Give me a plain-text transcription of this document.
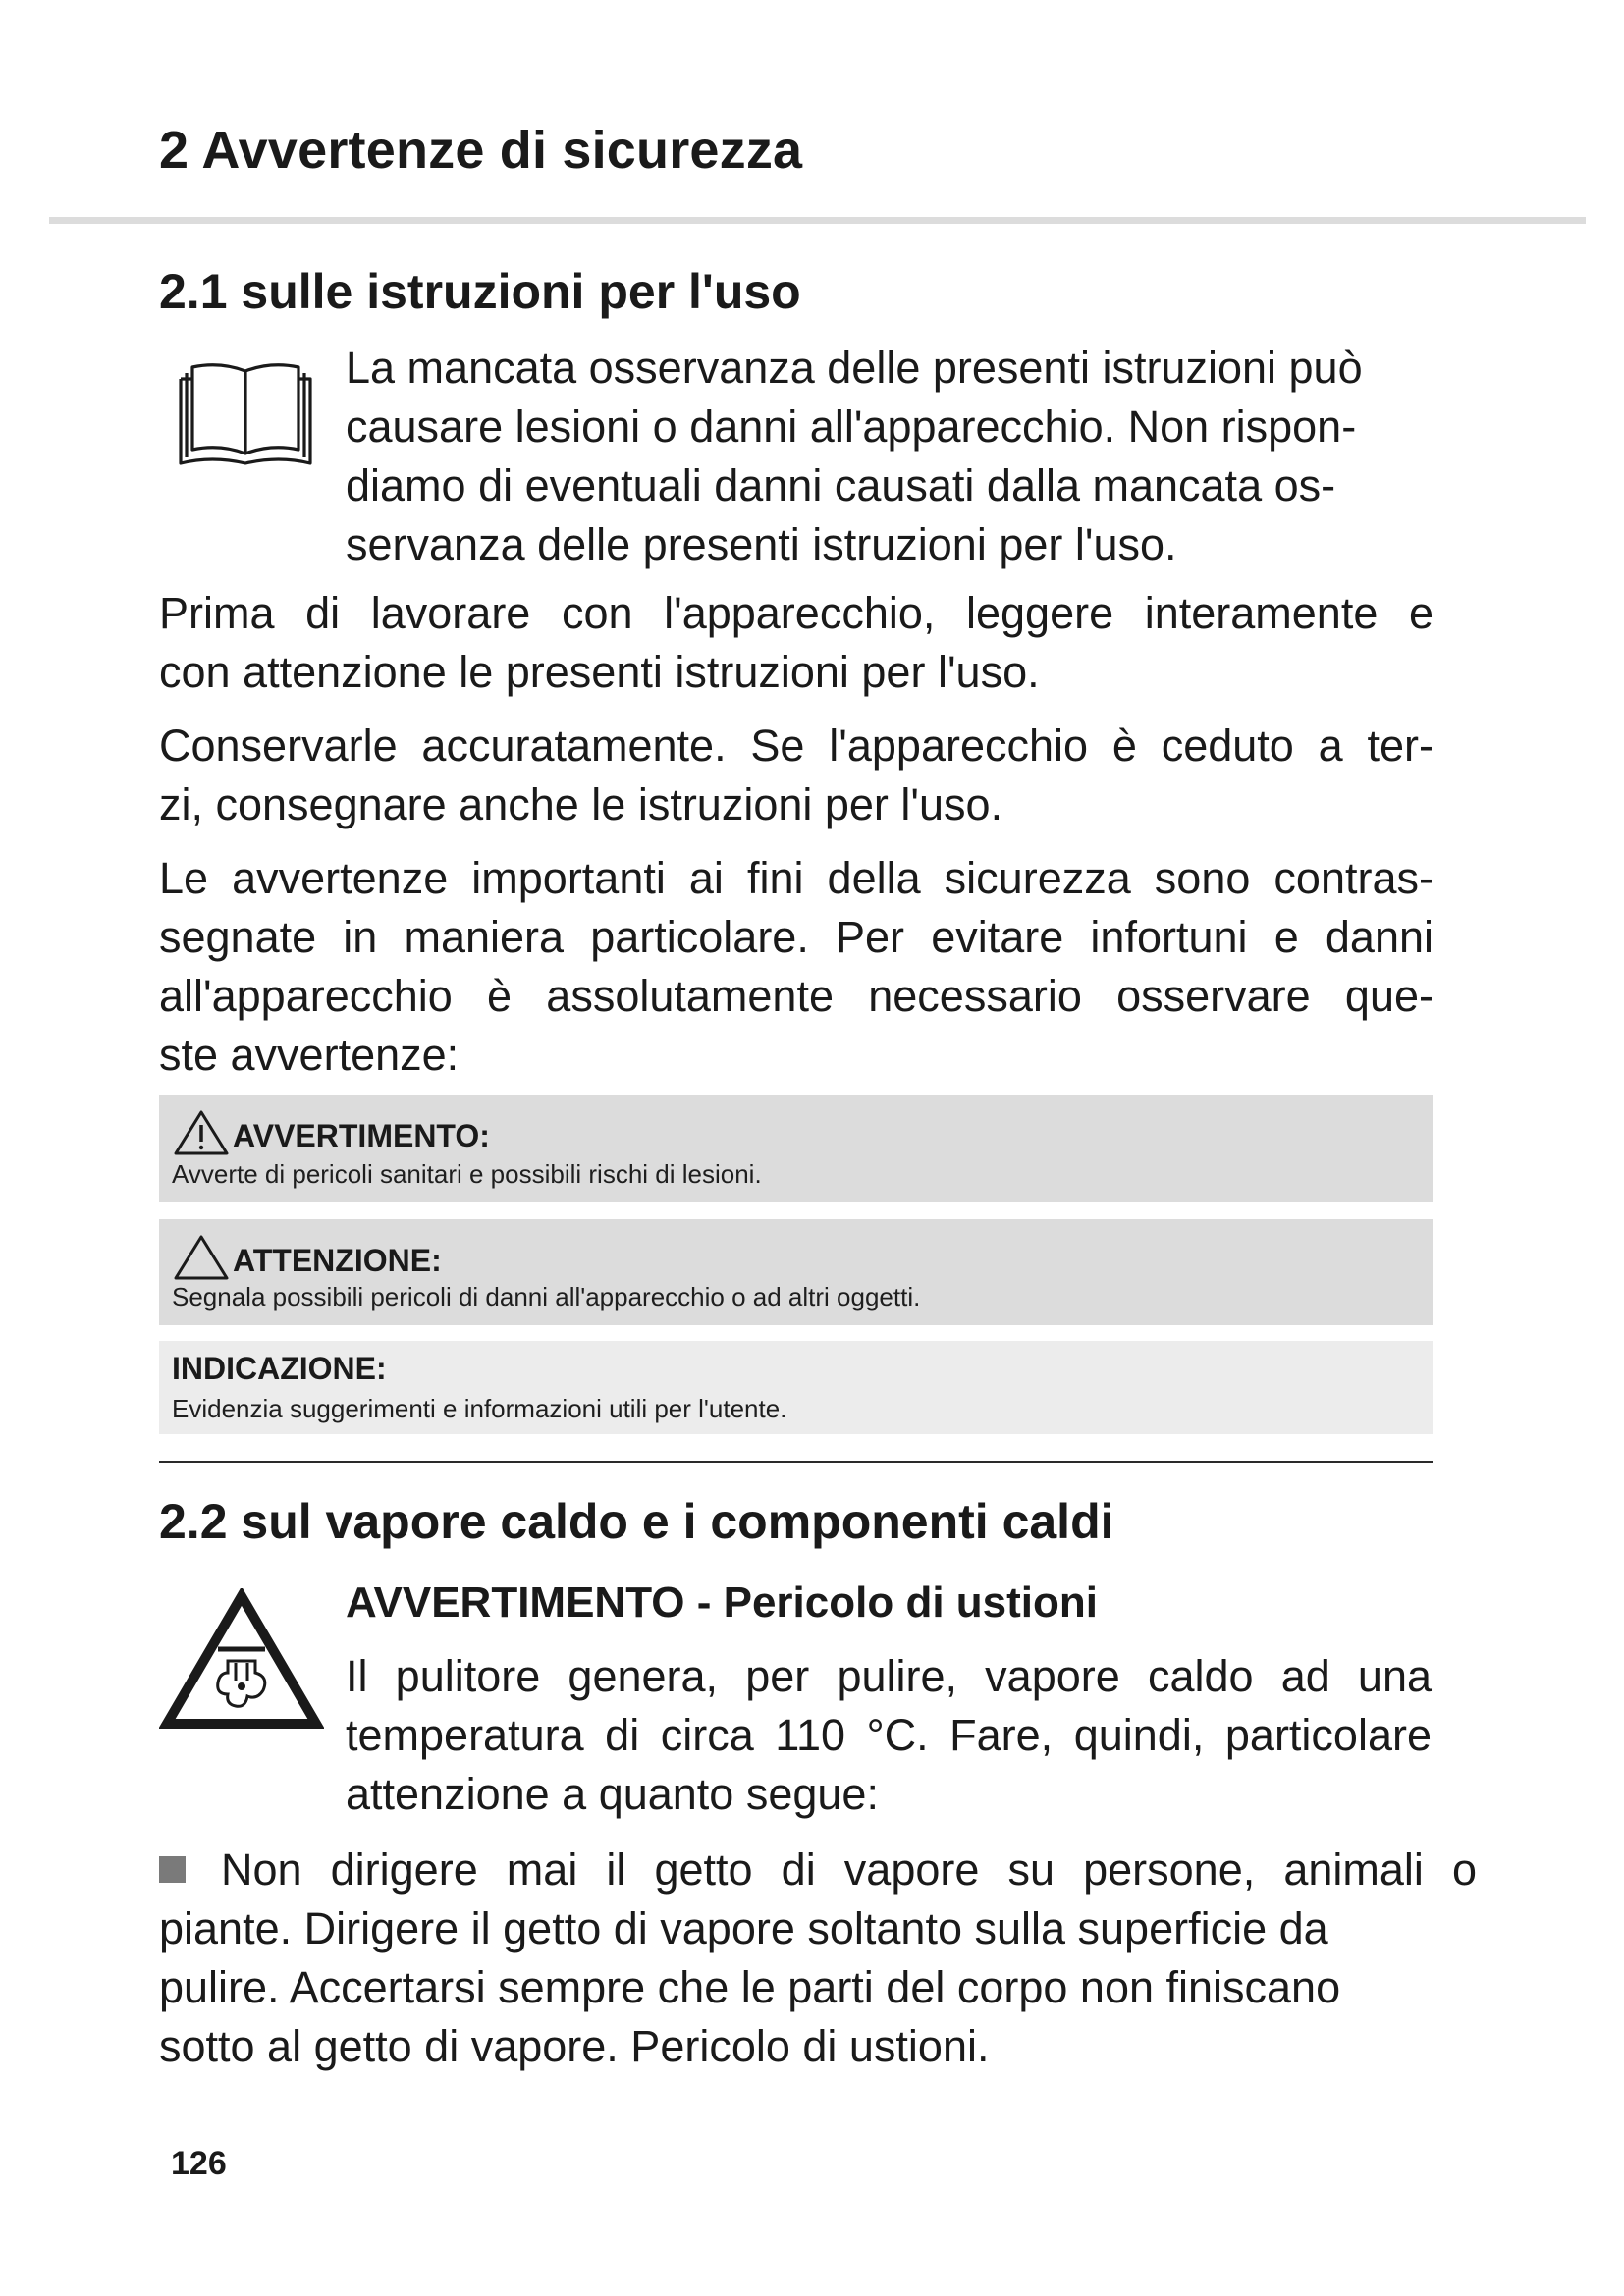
2 Avvertenze di sicurezza
2.1 sulle istruzioni per l'uso
La mancata osservanza delle presenti istruzioni può
causare lesioni o danni all'apparecchio. Non rispon-
diamo di eventuali danni causati dalla mancata os-
servanza delle presenti istruzioni per l'uso.
Prima di lavorare con l'apparecchio, leggere interamente e
con attenzione le presenti istruzioni per l'uso.
Conservarle accuratamente. Se l'apparecchio è ceduto a ter-
zi, consegnare anche le istruzioni per l'uso.
Le avvertenze importanti ai fini della sicurezza sono contras-
segnate in maniera particolare. Per evitare infortuni e danni
all'apparecchio è assolutamente necessario osservare que-
ste avvertenze:
AVVERTIMENTO:
Avverte di pericoli sanitari e possibili rischi di lesioni.
ATTENZIONE:
Segnala possibili pericoli di danni all'apparecchio o ad altri oggetti.
INDICAZIONE:
Evidenzia suggerimenti e informazioni utili per l'utente.
2.2 sul vapore caldo e i componenti caldi
AVVERTIMENTO - Pericolo di ustioni
Il pulitore genera, per pulire, vapore caldo ad una
temperatura di circa 110 °C. Fare, quindi, particolare
attenzione a quanto segue:
Non dirigere mai il getto di vapore su persone, animali o
piante. Dirigere il getto di vapore soltanto sulla superficie da
pulire. Accertarsi sempre che le parti del corpo non finiscano
sotto al getto di vapore. Pericolo di ustioni.
126
